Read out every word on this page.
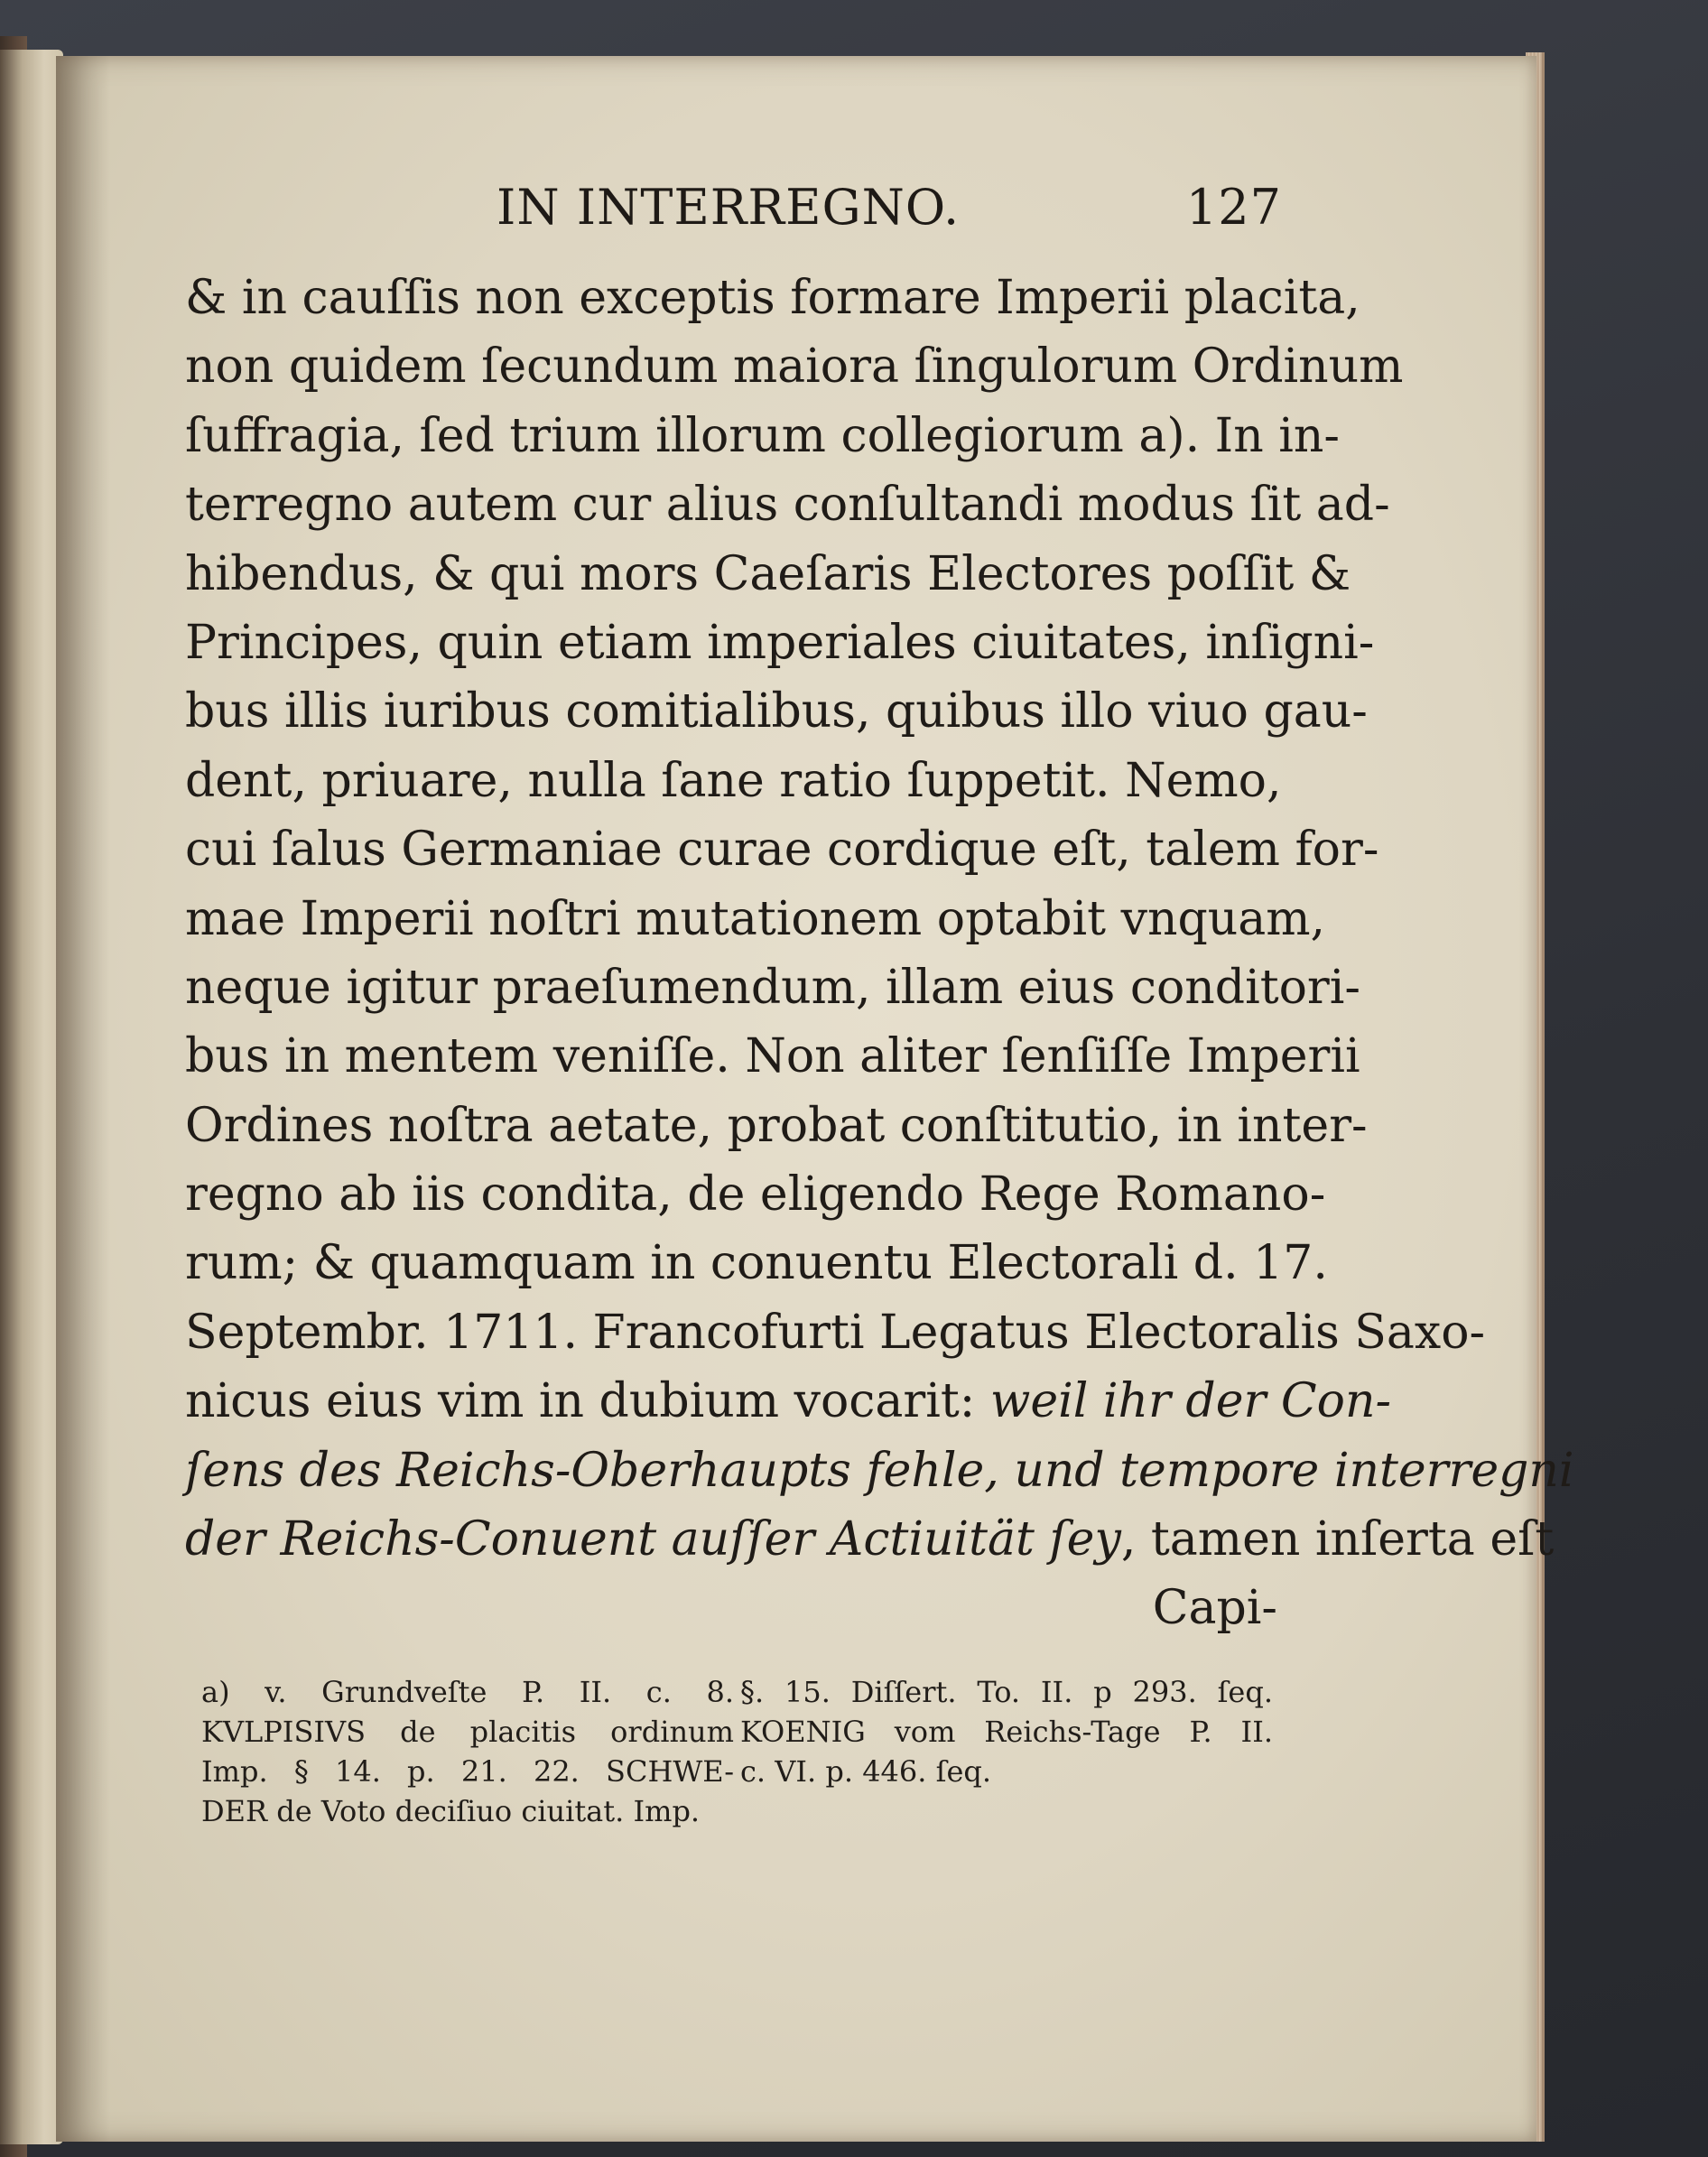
IN INTERREGNO.	127
& in cauſſis non exceptis formare Imperii placita,
non quidem ſecundum maiora ſingulorum Ordinum
ſuffragia, ſed trium illorum collegiorum a). In in-
terregno autem cur alius conſultandi modus ſit ad-
hibendus, & qui mors Caeſaris Electores poſſit &
Principes, quin etiam imperiales ciuitates, inſigni-
bus illis iuribus comitialibus, quibus illo viuo gau-
dent, priuare, nulla ſane ratio ſuppetit. Nemo,
cui ſalus Germaniae curae cordique eſt, talem for-
mae Imperii noſtri mutationem optabit vnquam,
neque igitur praeſumendum, illam eius conditori-
bus in mentem veniſſe. Non aliter ſenſiſſe Imperii
Ordines noſtra aetate, probat conſtitutio, in inter-
regno ab iis condita, de eligendo Rege Romano-
rum; & quamquam in conuentu Electorali d. 17.
Septembr. 1711. Francofurti Legatus Electoralis Saxo-
nicus eius vim in dubium vocarit: weil ihr der Con-
ſens des Reichs-Oberhaupts fehle, und tempore interregni
der Reichs-Conuent auſſer Actiuität ſey, tamen inſerta eſt
Capi-
a) v. Grundveſte P. II. c. 8.
KVLPISIVS de placitis ordinum
Imp. § 14. p. 21. 22. SCHWE-
DER de Voto deciſiuo ciuitat. Imp.
§. 15. Diſſert. To. II. p 293. ſeq.
KOENIG vom Reichs-Tage P. II.
c. VI. p. 446. ſeq.
